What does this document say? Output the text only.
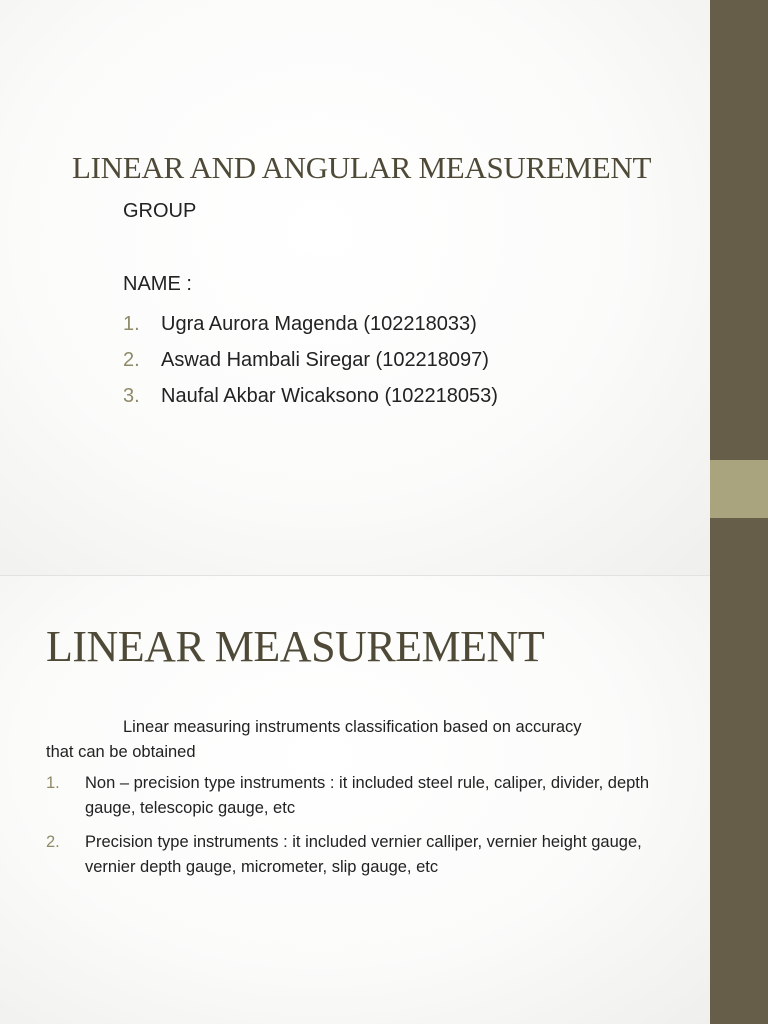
LINEAR AND ANGULAR MEASUREMENT
GROUP
NAME :
1. Ugra Aurora Magenda (102218033)
2. Aswad Hambali Siregar (102218097)
3. Naufal Akbar Wicaksono (102218053)
LINEAR MEASUREMENT
Linear measuring instruments classification based on accuracy
that can be obtained
1.	Non – precision type instruments : it included steel rule, caliper, divider, depth gauge, telescopic gauge, etc
2.	Precision type instruments : it included vernier calliper, vernier height gauge, vernier depth gauge, micrometer, slip gauge, etc
